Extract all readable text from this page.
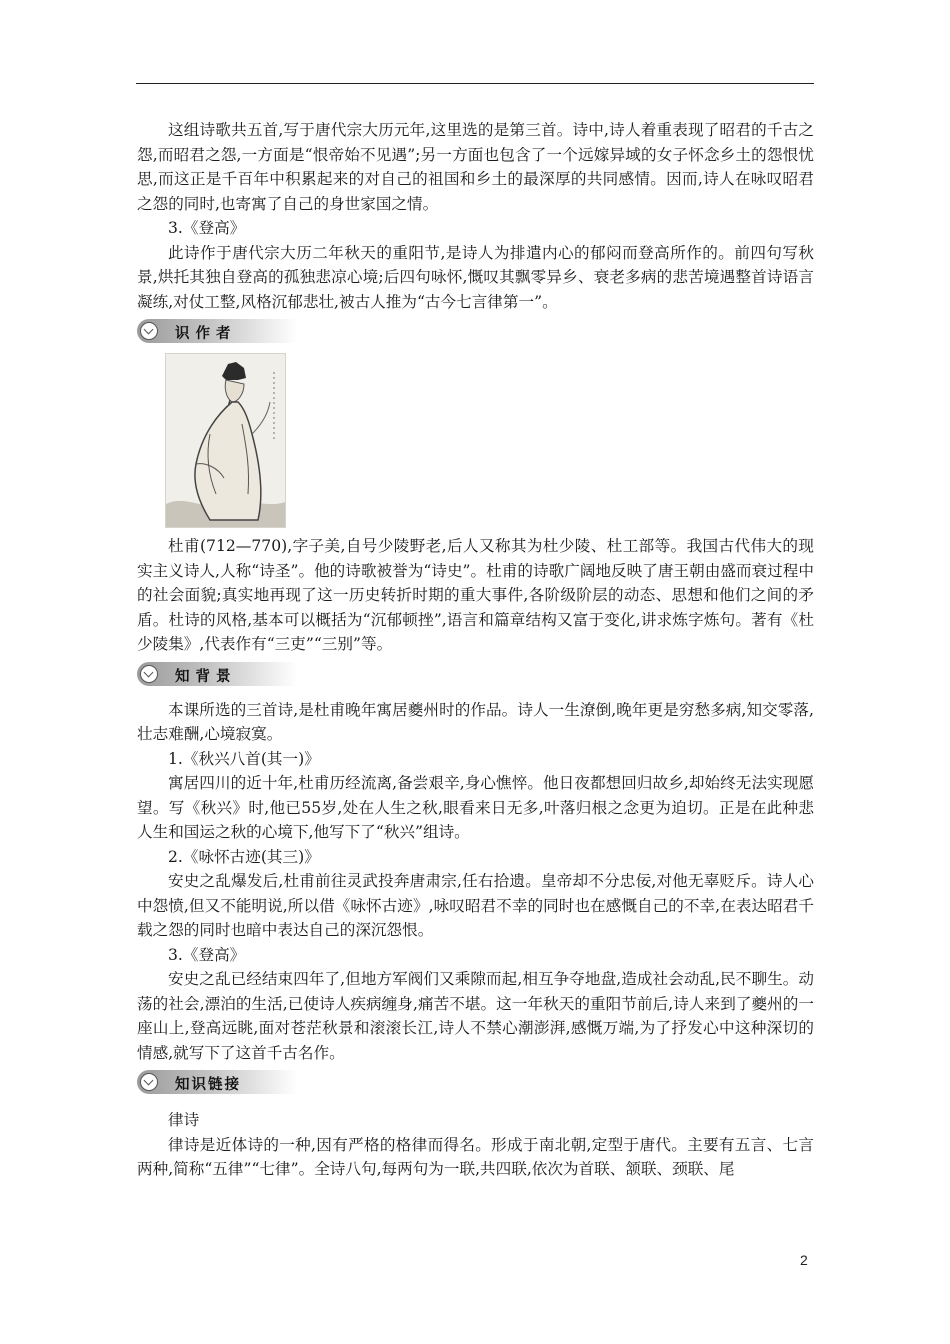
这组诗歌共五首,写于唐代宗大历元年,这里选的是第三首。诗中,诗人着重表现了昭君的千古之怨,而昭君之怨,一方面是“恨帝始不见遇”;另一方面也包含了一个远嫁异域的女子怀念乡土的怨恨忧思,而这正是千百年中积累起来的对自己的祖国和乡土的最深厚的共同感情。因而,诗人在咏叹昭君之怨的同时,也寄寓了自己的身世家国之情。

3.《登高》

此诗作于唐代宗大历二年秋天的重阳节,是诗人为排遣内心的郁闷而登高所作的。前四句写秋景,烘托其独自登高的孤独悲凉心境;后四句咏怀,慨叹其飘零异乡、衰老多病的悲苦境遇整首诗语言凝练,对仗工整,风格沉郁悲壮,被古人推为“古今七言律第一”。

识作者

杜甫(712—770),字子美,自号少陵野老,后人又称其为杜少陵、杜工部等。我国古代伟大的现实主义诗人,人称“诗圣”。他的诗歌被誉为“诗史”。杜甫的诗歌广阔地反映了唐王朝由盛而衰过程中的社会面貌;真实地再现了这一历史转折时期的重大事件,各阶级阶层的动态、思想和他们之间的矛盾。杜诗的风格,基本可以概括为“沉郁顿挫”,语言和篇章结构又富于变化,讲求炼字炼句。著有《杜少陵集》,代表作有“三吏”“三别”等。

知背景

本课所选的三首诗,是杜甫晚年寓居夔州时的作品。诗人一生潦倒,晚年更是穷愁多病,知交零落,壮志难酬,心境寂寞。

1.《秋兴八首(其一)》

寓居四川的近十年,杜甫历经流离,备尝艰辛,身心憔悴。他日夜都想回归故乡,却始终无法实现愿望。写《秋兴》时,他已55岁,处在人生之秋,眼看来日无多,叶落归根之念更为迫切。正是在此种悲人生和国运之秋的心境下,他写下了“秋兴”组诗。

2.《咏怀古迹(其三)》

安史之乱爆发后,杜甫前往灵武投奔唐肃宗,任右拾遗。皇帝却不分忠佞,对他无辜贬斥。诗人心中怨愤,但又不能明说,所以借《咏怀古迹》,咏叹昭君不幸的同时也在感慨自己的不幸,在表达昭君千载之怨的同时也暗中表达自己的深沉怨恨。

3.《登高》

安史之乱已经结束四年了,但地方军阀们又乘隙而起,相互争夺地盘,造成社会动乱,民不聊生。动荡的社会,漂泊的生活,已使诗人疾病缠身,痛苦不堪。这一年秋天的重阳节前后,诗人来到了夔州的一座山上,登高远眺,面对苍茫秋景和滚滚长江,诗人不禁心潮澎湃,感慨万端,为了抒发心中这种深切的情感,就写下了这首千古名作。

知识链接

律诗

律诗是近体诗的一种,因有严格的格律而得名。形成于南北朝,定型于唐代。主要有五言、七言两种,简称“五律”“七律”。全诗八句,每两句为一联,共四联,依次为首联、颔联、颈联、尾

2
